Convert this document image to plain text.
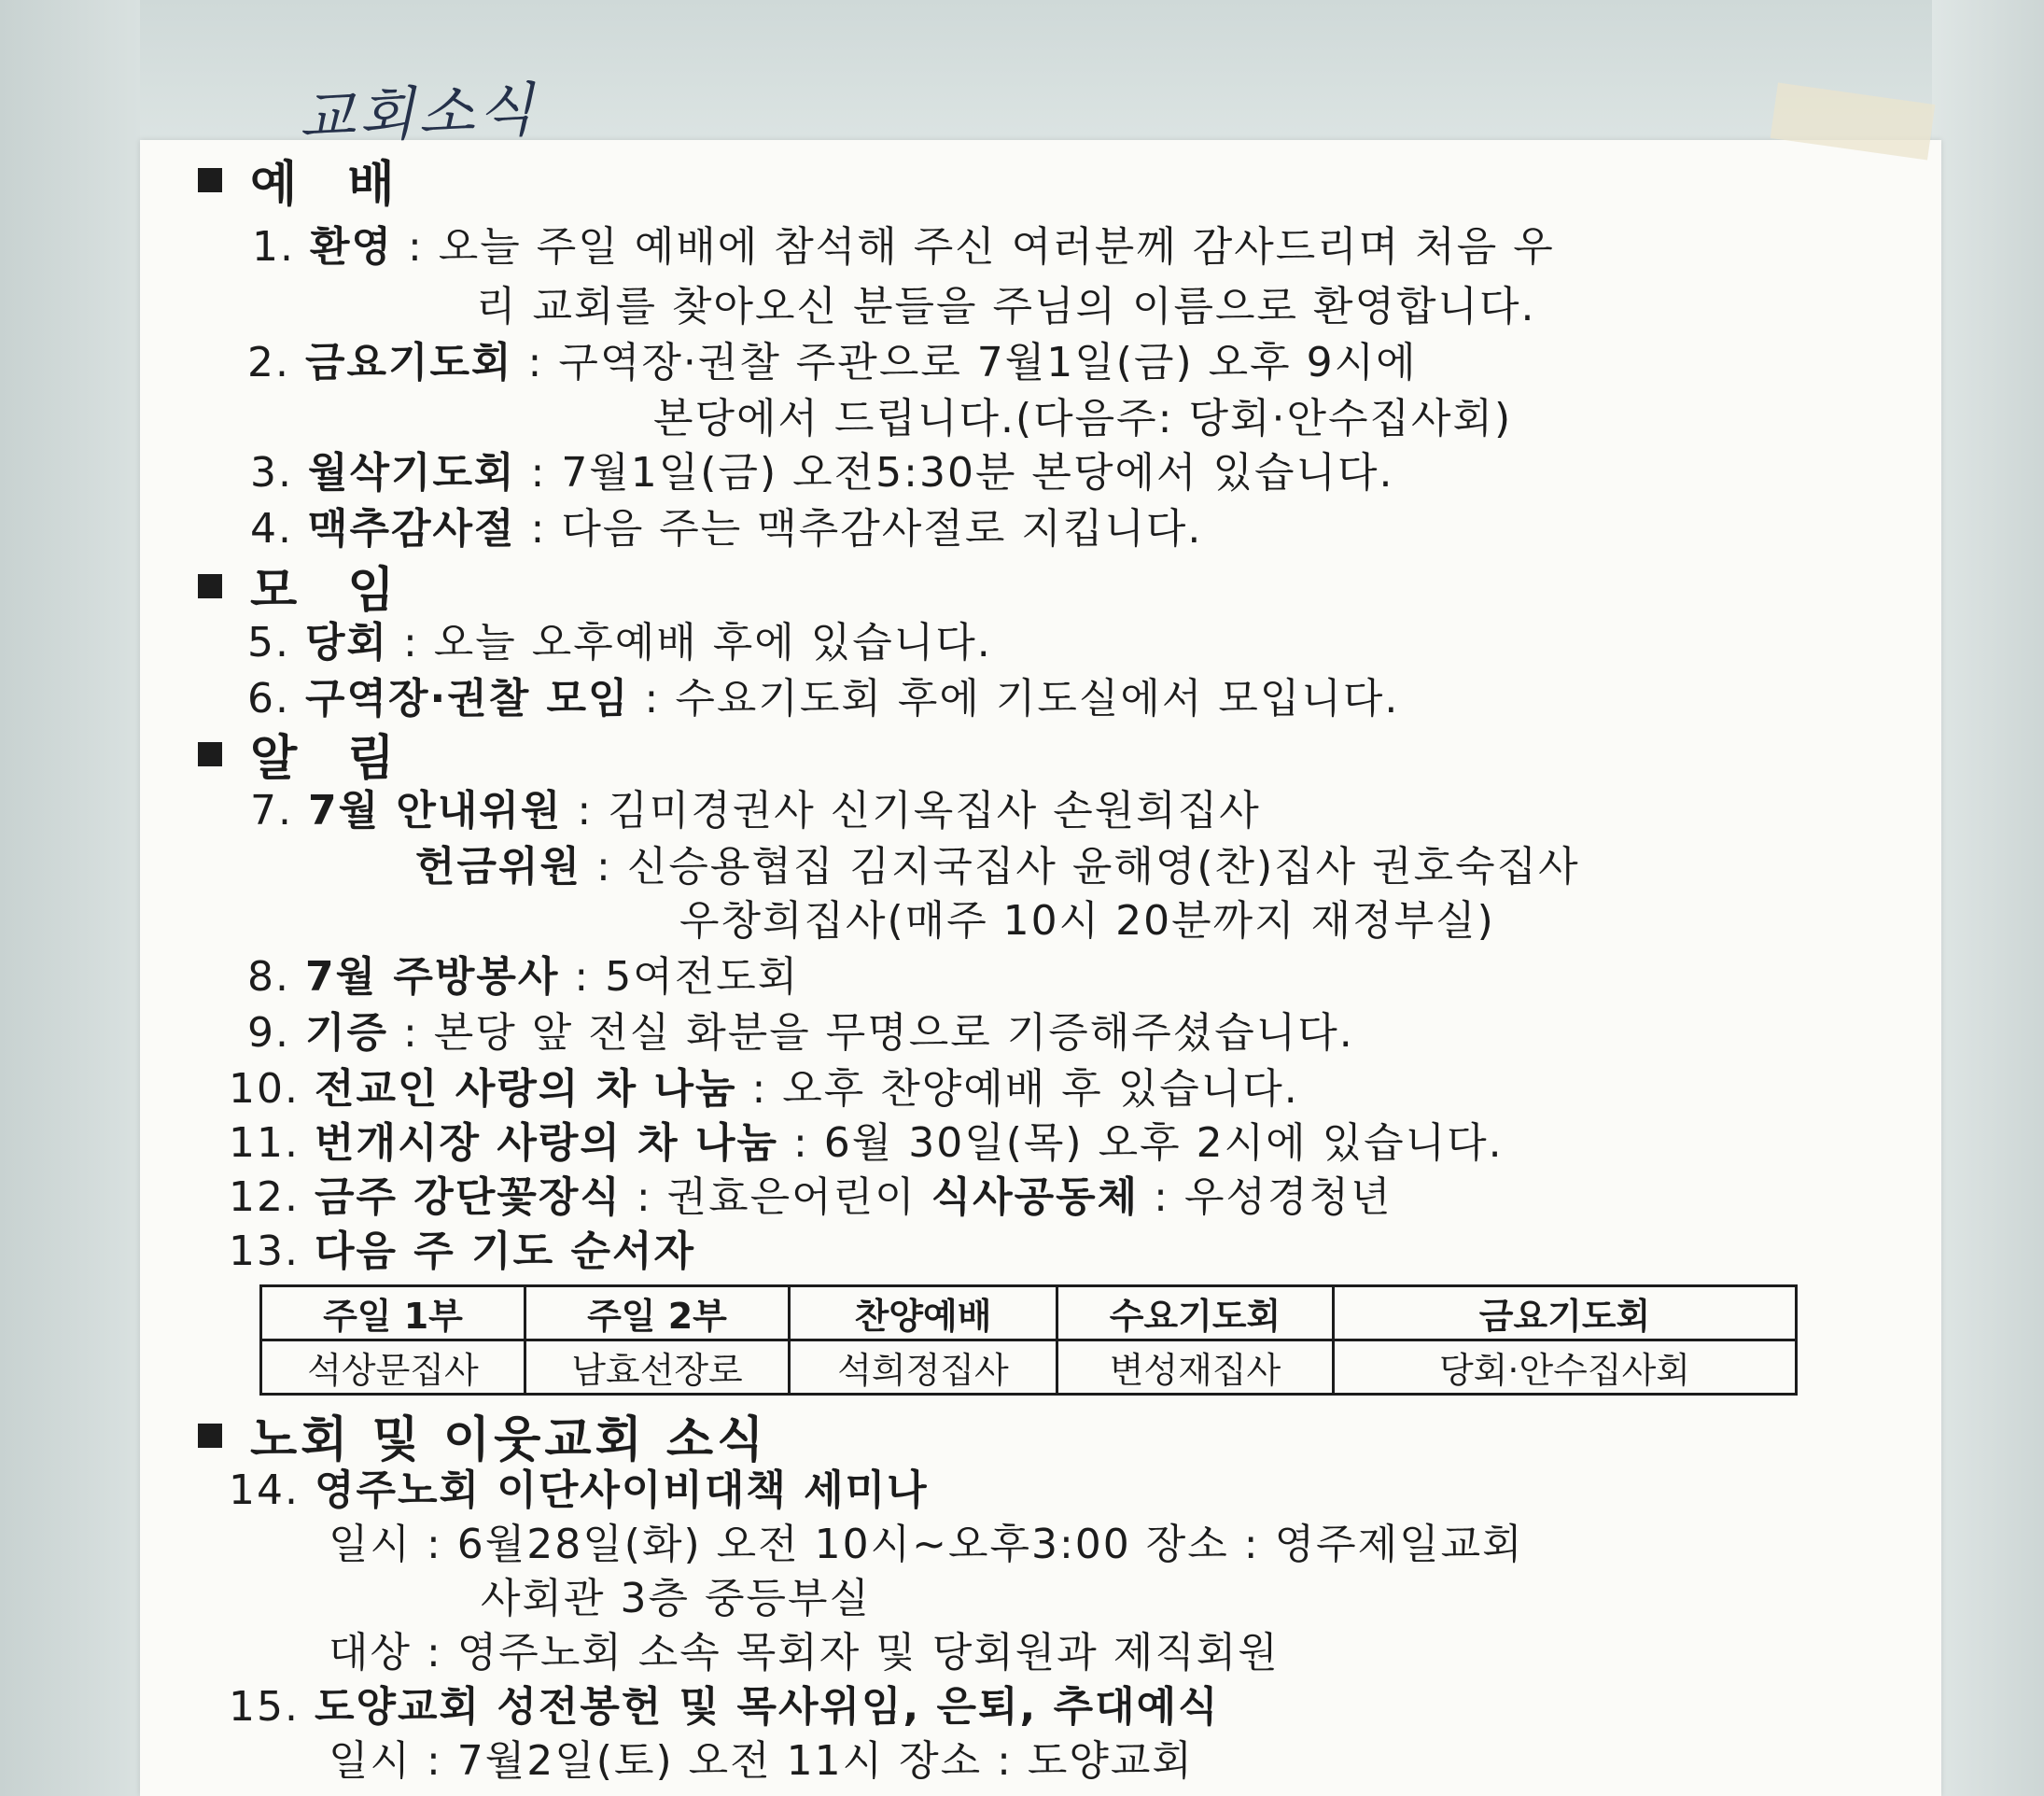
교회소식
예 배
1. 환영 : 오늘 주일 예배에 참석해 주신 여러분께 감사드리며 처음 우
리 교회를 찾아오신 분들을 주님의 이름으로 환영합니다.
2. 금요기도회 : 구역장·권찰 주관으로 7월1일(금) 오후 9시에
본당에서 드립니다.(다음주: 당회·안수집사회)
3. 월삭기도회 : 7월1일(금) 오전5:30분 본당에서 있습니다.
4. 맥추감사절 : 다음 주는 맥추감사절로 지킵니다.
모 임
5. 당회 : 오늘 오후예배 후에 있습니다.
6. 구역장·권찰 모임 : 수요기도회 후에 기도실에서 모입니다.
알 림
7. 7월 안내위원 : 김미경권사 신기옥집사 손원희집사
헌금위원 : 신승용협집 김지국집사 윤해영(찬)집사 권호숙집사
우창희집사(매주 10시 20분까지 재정부실)
8. 7월 주방봉사 : 5여전도회
9. 기증 : 본당 앞 전실 화분을 무명으로 기증해주셨습니다.
10. 전교인 사랑의 차 나눔 : 오후 찬양예배 후 있습니다.
11. 번개시장 사랑의 차 나눔 : 6월 30일(목) 오후 2시에 있습니다.
12. 금주 강단꽃장식 : 권효은어린이 식사공동체 : 우성경청년
13. 다음 주 기도 순서자
주일 1부	주일 2부	찬양예배	수요기도회	금요기도회
석상문집사	남효선장로	석희정집사	변성재집사	당회·안수집사회
노회 및 이웃교회 소식
14. 영주노회 이단사이비대책 세미나
일시 : 6월28일(화) 오전 10시~오후3:00 장소 : 영주제일교회
사회관 3층 중등부실
대상 : 영주노회 소속 목회자 및 당회원과 제직회원
15. 도양교회 성전봉헌 및 목사위임, 은퇴, 추대예식
일시 : 7월2일(토) 오전 11시 장소 : 도양교회
